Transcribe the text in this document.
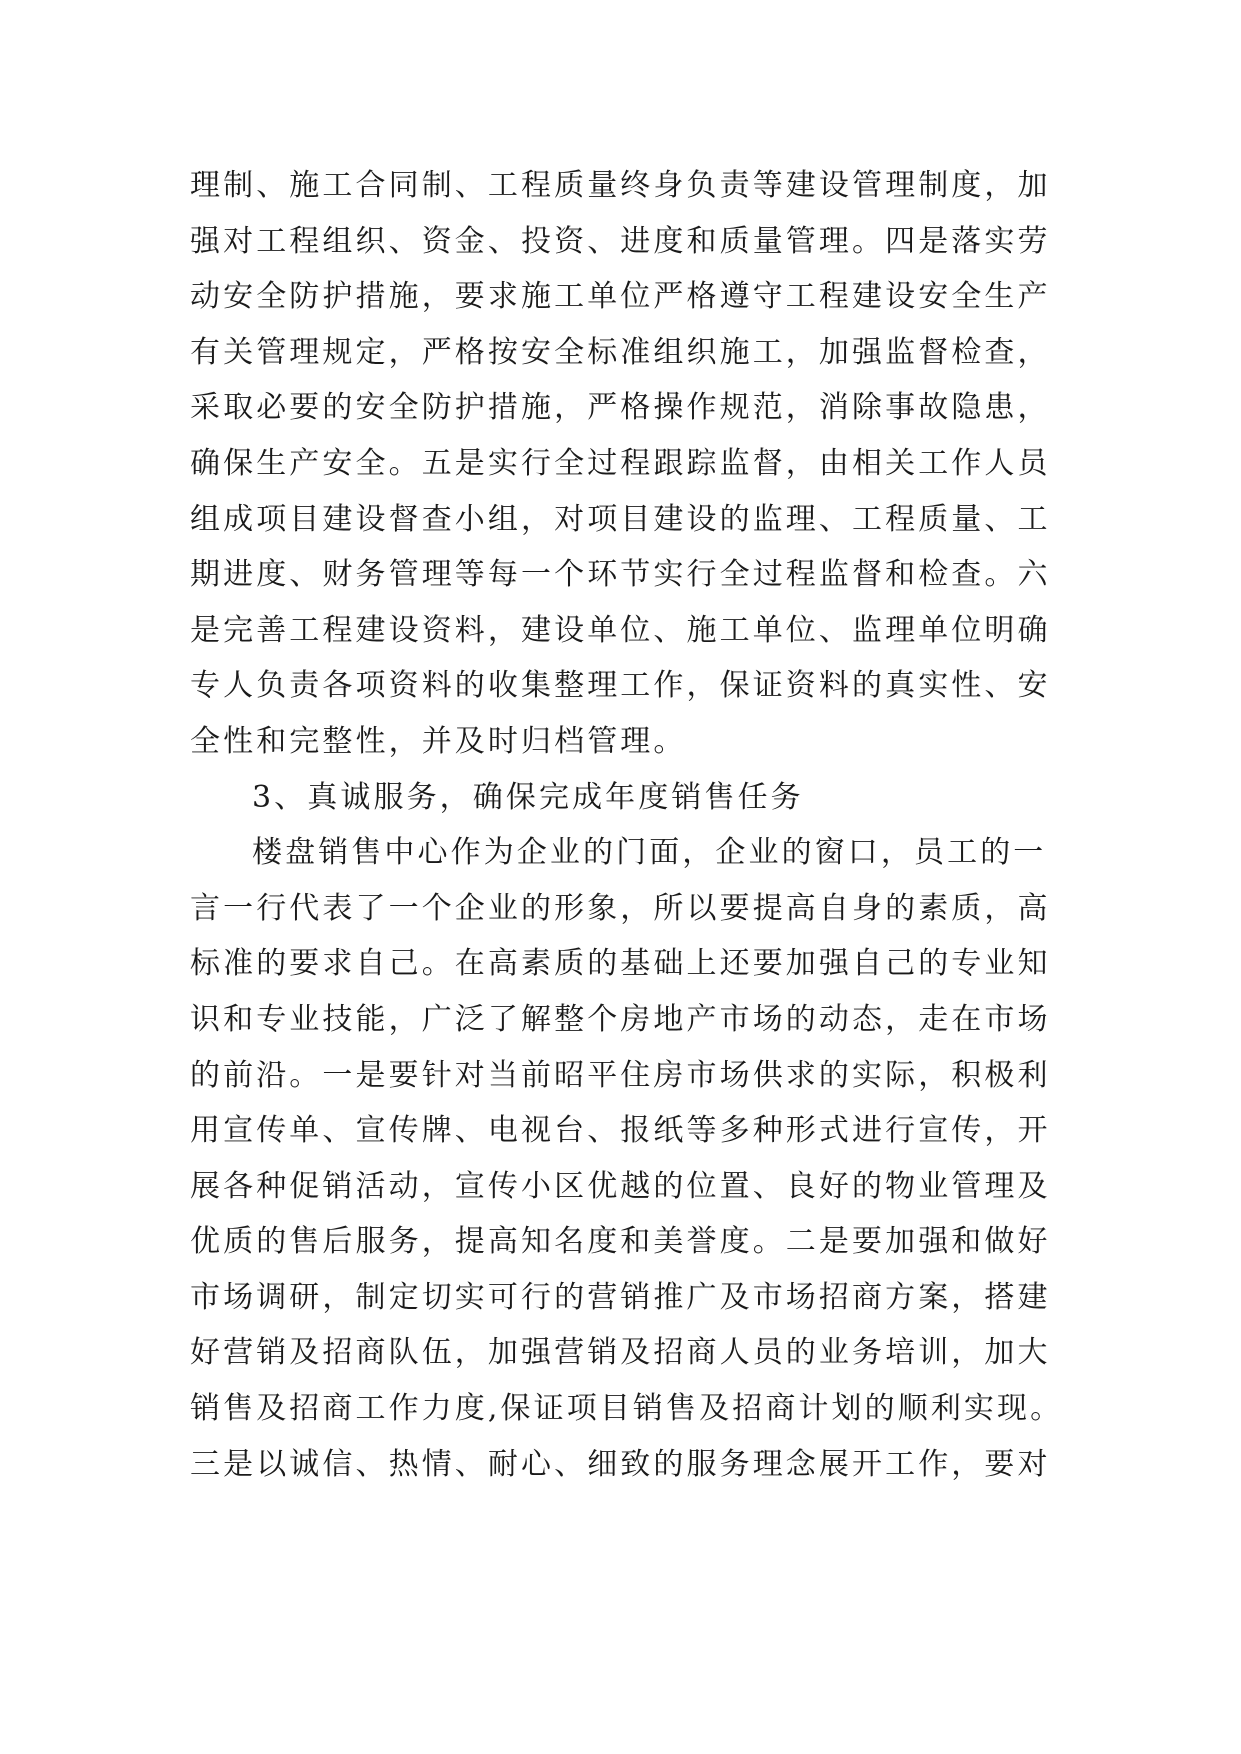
理制、施工合同制、工程质量终身负责等建设管理制度，加
强对工程组织、资金、投资、进度和质量管理。四是落实劳
动安全防护措施，要求施工单位严格遵守工程建设安全生产
有关管理规定，严格按安全标准组织施工，加强监督检查，
采取必要的安全防护措施，严格操作规范，消除事故隐患，
确保生产安全。五是实行全过程跟踪监督，由相关工作人员
组成项目建设督查小组，对项目建设的监理、工程质量、工
期进度、财务管理等每一个环节实行全过程监督和检查。六
是完善工程建设资料，建设单位、施工单位、监理单位明确
专人负责各项资料的收集整理工作，保证资料的真实性、安
全性和完整性，并及时归档管理。
3、真诚服务，确保完成年度销售任务
楼盘销售中心作为企业的门面，企业的窗口，员工的一
言一行代表了一个企业的形象，所以要提高自身的素质，高
标准的要求自己。在高素质的基础上还要加强自己的专业知
识和专业技能，广泛了解整个房地产市场的动态，走在市场
的前沿。一是要针对当前昭平住房市场供求的实际，积极利
用宣传单、宣传牌、电视台、报纸等多种形式进行宣传，开
展各种促销活动，宣传小区优越的位置、良好的物业管理及
优质的售后服务，提高知名度和美誉度。二是要加强和做好
市场调研，制定切实可行的营销推广及市场招商方案，搭建
好营销及招商队伍，加强营销及招商人员的业务培训，加大
销售及招商工作力度,保证项目销售及招商计划的顺利实现。
三是以诚信、热情、耐心、细致的服务理念展开工作，要对
